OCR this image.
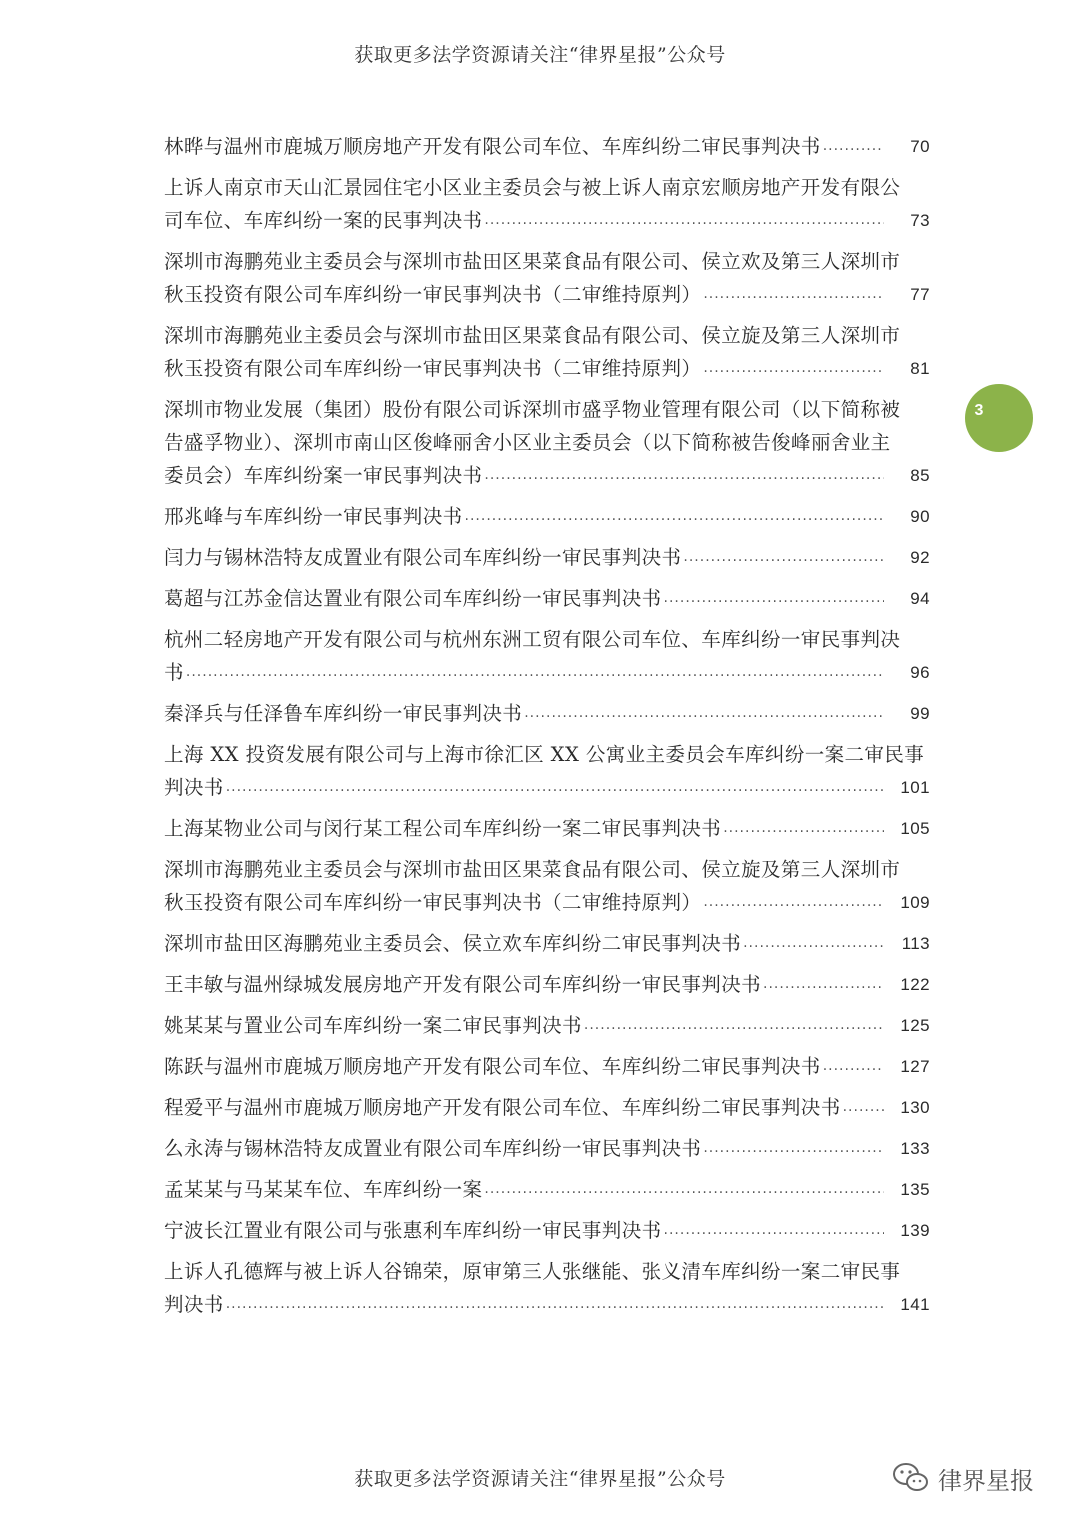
获取更多法学资源请关注“律界星报”公众号
林晔与温州市鹿城万顺房地产开发有限公司车位、车库纠纷二审民事判决书 .....	70
上诉人南京市天山汇景园住宅小区业主委员会与被上诉人南京宏顺房地产开发有限公
司车位、车库纠纷一案的民事判决书 .....	73
深圳市海鹏苑业主委员会与深圳市盐田区果菜食品有限公司、侯立欢及第三人深圳市
秋玉投资有限公司车库纠纷一审民事判决书（二审维持原判） .....	77
深圳市海鹏苑业主委员会与深圳市盐田区果菜食品有限公司、侯立旋及第三人深圳市
秋玉投资有限公司车库纠纷一审民事判决书（二审维持原判） .....	81
深圳市物业发展（集团）股份有限公司诉深圳市盛孚物业管理有限公司（以下简称被
告盛孚物业）、深圳市南山区俊峰丽舍小区业主委员会（以下简称被告俊峰丽舍业主
委员会）车库纠纷案一审民事判决书 .....	85
邢兆峰与车库纠纷一审民事判决书 .....	90
闫力与锡林浩特友成置业有限公司车库纠纷一审民事判决书 .....	92
葛超与江苏金信达置业有限公司车库纠纷一审民事判决书 .....	94
杭州二轻房地产开发有限公司与杭州东洲工贸有限公司车位、车库纠纷一审民事判决
书 .....	96
秦泽兵与任泽鲁车库纠纷一审民事判决书 .....	99
上海 XX 投资发展有限公司与上海市徐汇区 XX 公寓业主委员会车库纠纷一案二审民事
判决书 .....	101
上海某物业公司与闵行某工程公司车库纠纷一案二审民事判决书 .....	105
深圳市海鹏苑业主委员会与深圳市盐田区果菜食品有限公司、侯立旋及第三人深圳市
秋玉投资有限公司车库纠纷一审民事判决书（二审维持原判） .....	109
深圳市盐田区海鹏苑业主委员会、侯立欢车库纠纷二审民事判决书 .....	113
王丰敏与温州绿城发展房地产开发有限公司车库纠纷一审民事判决书 .....	122
姚某某与置业公司车库纠纷一案二审民事判决书 .....	125
陈跃与温州市鹿城万顺房地产开发有限公司车位、车库纠纷二审民事判决书 .....	127
程爱平与温州市鹿城万顺房地产开发有限公司车位、车库纠纷二审民事判决书 .....	130
么永涛与锡林浩特友成置业有限公司车库纠纷一审民事判决书 .....	133
孟某某与马某某车位、车库纠纷一案 .....	135
宁波长江置业有限公司与张惠利车库纠纷一审民事判决书 .....	139
上诉人孔德辉与被上诉人谷锦荣，原审第三人张继能、张义清车库纠纷一案二审民事
判决书 .....	141
3
获取更多法学资源请关注“律界星报”公众号	律界星报
